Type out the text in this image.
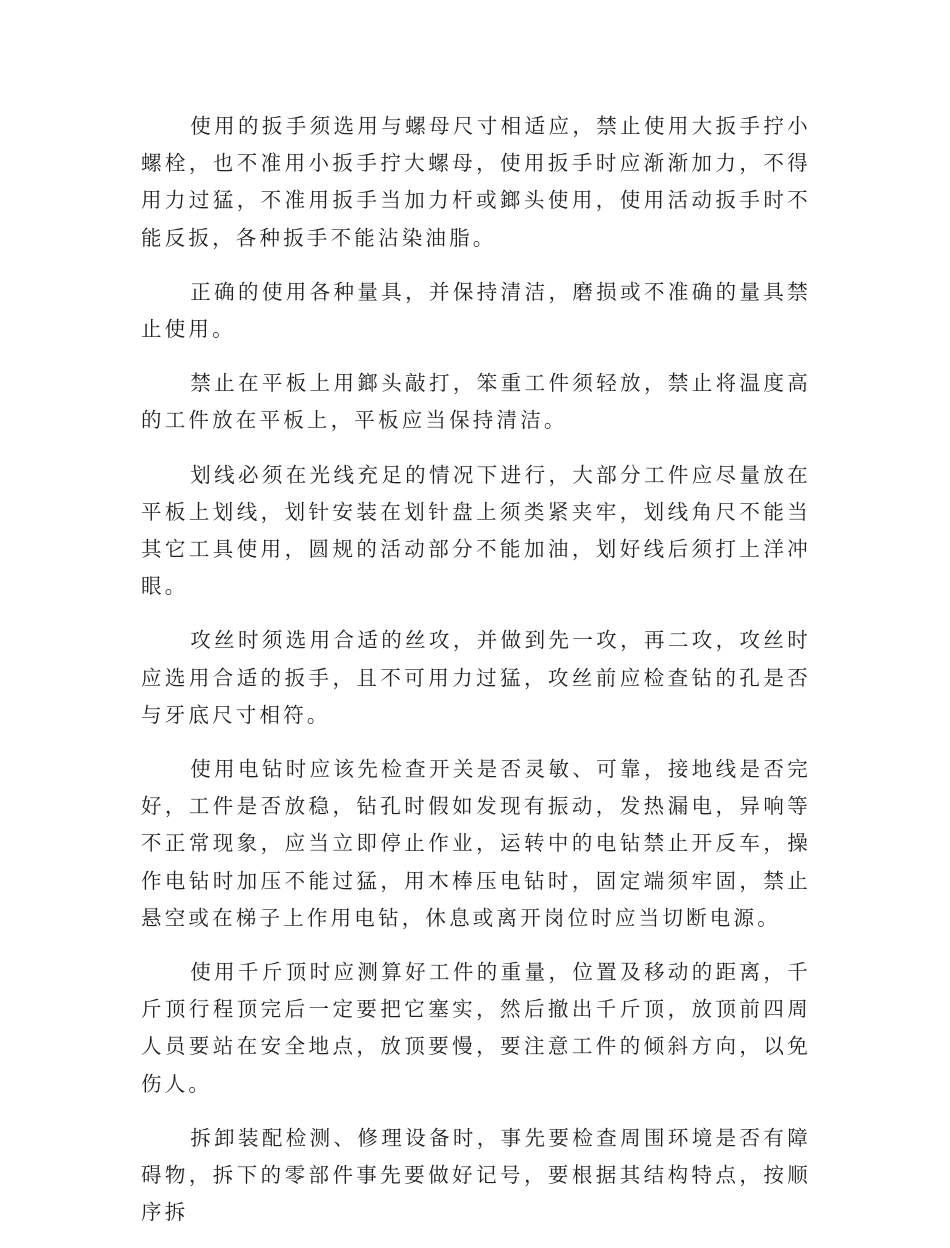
使用的扳手须选用与螺母尺寸相适应，禁止使用大扳手拧小螺栓，也不准用小扳手拧大螺母，使用扳手时应渐渐加力，不得用力过猛，不准用扳手当加力杆或鎯头使用，使用活动扳手时不能反扳，各种扳手不能沾染油脂。

正确的使用各种量具，并保持清洁，磨损或不准确的量具禁止使用。

禁止在平板上用鎯头敲打，笨重工件须轻放，禁止将温度高的工件放在平板上，平板应当保持清洁。

划线必须在光线充足的情况下进行，大部分工件应尽量放在平板上划线，划针安装在划针盘上须类紧夹牢，划线角尺不能当其它工具使用，圆规的活动部分不能加油，划好线后须打上洋冲眼。

攻丝时须选用合适的丝攻，并做到先一攻，再二攻，攻丝时应选用合适的扳手，且不可用力过猛，攻丝前应检查钻的孔是否与牙底尺寸相符。

使用电钻时应该先检查开关是否灵敏、可靠，接地线是否完好，工件是否放稳，钻孔时假如发现有振动，发热漏电，异响等不正常现象，应当立即停止作业，运转中的电钻禁止开反车，操作电钻时加压不能过猛，用木棒压电钻时，固定端须牢固，禁止悬空或在梯子上作用电钻，休息或离开岗位时应当切断电源。

使用千斤顶时应测算好工件的重量，位置及移动的距离，千斤顶行程顶完后一定要把它塞实，然后撤出千斤顶，放顶前四周人员要站在安全地点，放顶要慢，要注意工件的倾斜方向，以免伤人。

拆卸装配检测、修理设备时，事先要检查周围环境是否有障碍物，拆下的零部件事先要做好记号，要根据其结构特点，按顺序拆
